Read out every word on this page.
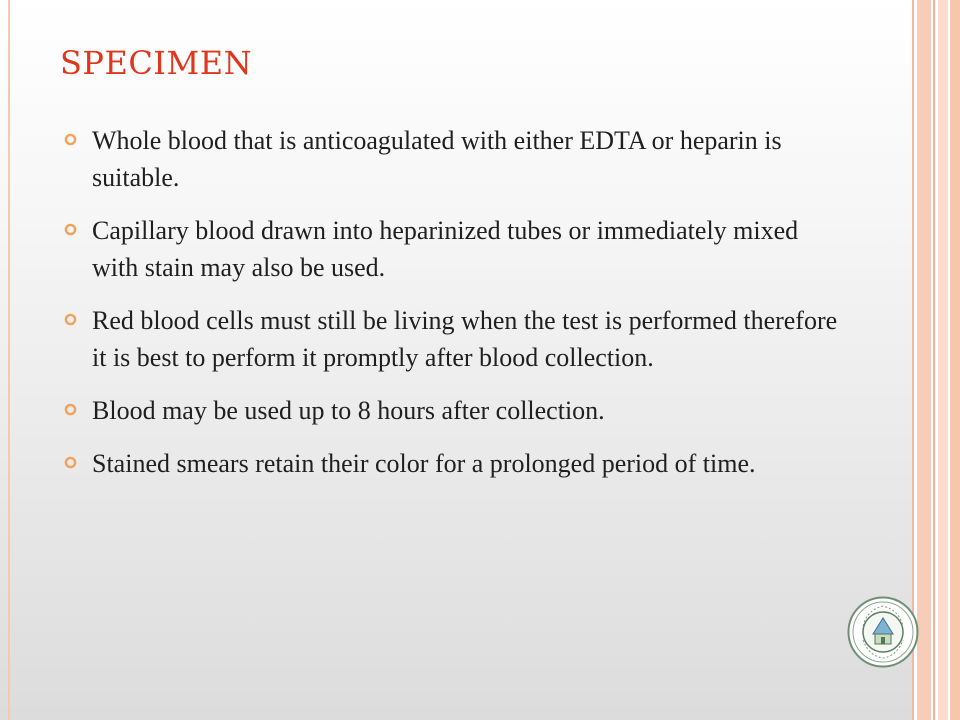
SPECIMEN
Whole blood that is anticoagulated with either EDTA or heparin is suitable.
Capillary blood drawn into heparinized tubes or immediately mixed with stain may also be used.
Red blood cells must still be living when the test is performed therefore it is best to perform it promptly after blood collection.
Blood may be used up to 8 hours after collection.
Stained smears retain their color for a prolonged period of time.
